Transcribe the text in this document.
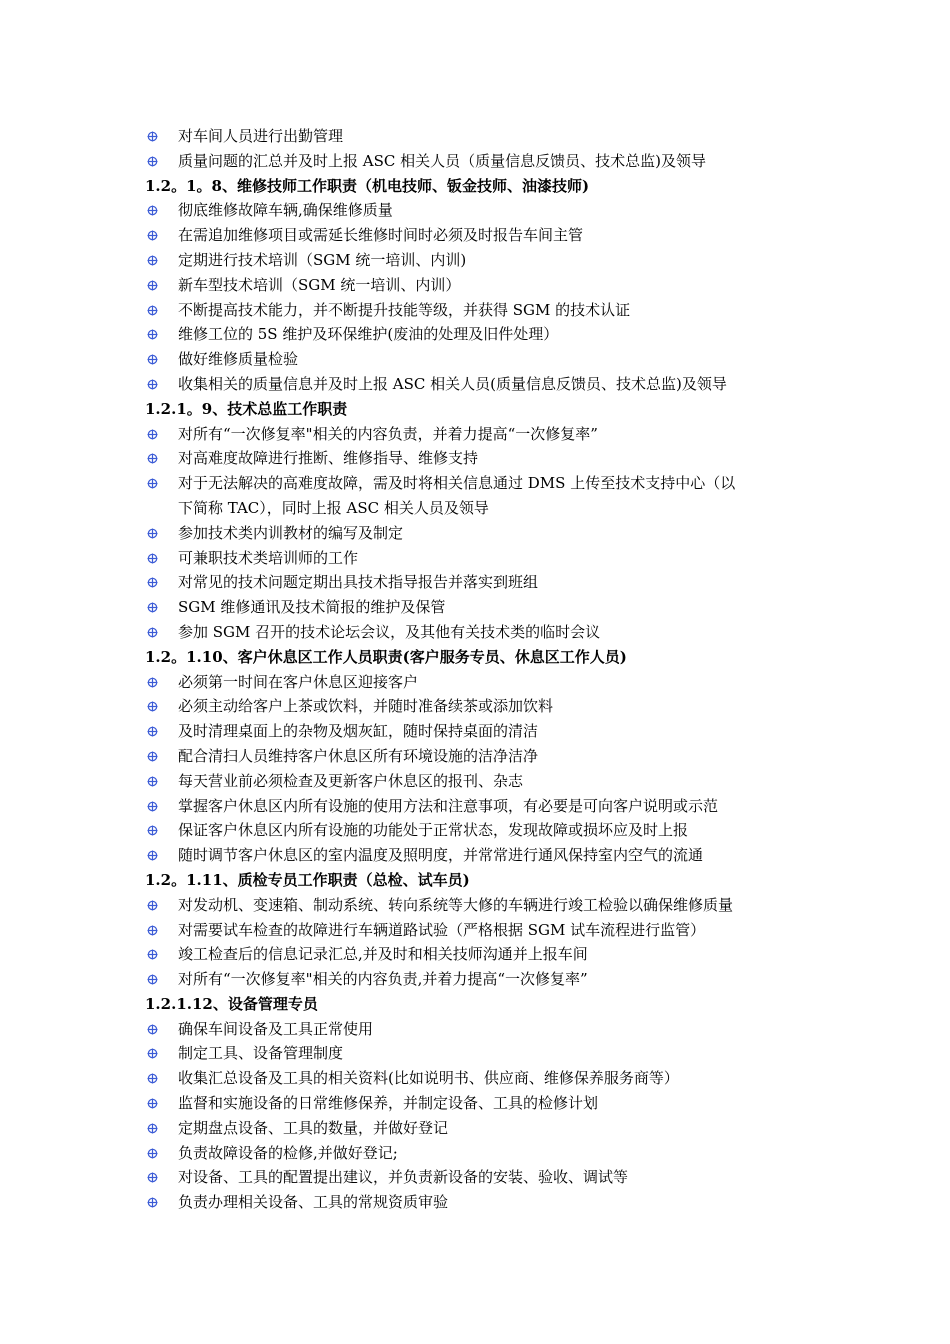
对车间人员进行出勤管理
质量问题的汇总并及时上报 ASC 相关人员（质量信息反馈员、技术总监)及领导
1.2。1。8、维修技师工作职责（机电技师、钣金技师、油漆技师)
彻底维修故障车辆,确保维修质量
在需追加维修项目或需延长维修时间时必须及时报告车间主管
定期进行技术培训（SGM 统一培训、内训)
新车型技术培训（SGM 统一培训、内训）
不断提高技术能力，并不断提升技能等级，并获得 SGM 的技术认证
维修工位的 5S 维护及环保维护(废油的处理及旧件处理）
做好维修质量检验
收集相关的质量信息并及时上报 ASC 相关人员(质量信息反馈员、技术总监)及领导
1.2.1。9、技术总监工作职责
对所有“一次修复率"相关的内容负责，并着力提高“一次修复率”
对高难度故障进行推断、维修指导、维修支持
对于无法解决的高难度故障，需及时将相关信息通过 DMS 上传至技术支持中心（以
下简称 TAC），同时上报 ASC 相关人员及领导
参加技术类内训教材的编写及制定
可兼职技术类培训师的工作
对常见的技术问题定期出具技术指导报告并落实到班组
SGM 维修通讯及技术简报的维护及保管
参加 SGM 召开的技术论坛会议，及其他有关技术类的临时会议
1.2。1.10、客户休息区工作人员职责(客户服务专员、休息区工作人员)
必须第一时间在客户休息区迎接客户
必须主动给客户上茶或饮料，并随时准备续茶或添加饮料
及时清理桌面上的杂物及烟灰缸，随时保持桌面的清洁
配合清扫人员维持客户休息区所有环境设施的洁净洁净
每天营业前必须检查及更新客户休息区的报刊、杂志
掌握客户休息区内所有设施的使用方法和注意事项，有必要是可向客户说明或示范
保证客户休息区内所有设施的功能处于正常状态，发现故障或损坏应及时上报
随时调节客户休息区的室内温度及照明度，并常常进行通风保持室内空气的流通
1.2。1.11、质检专员工作职责（总检、试车员)
对发动机、变速箱、制动系统、转向系统等大修的车辆进行竣工检验以确保维修质量
对需要试车检查的故障进行车辆道路试验（严格根据 SGM 试车流程进行监管）
竣工检查后的信息记录汇总,并及时和相关技师沟通并上报车间
对所有“一次修复率"相关的内容负责,并着力提高“一次修复率”
1.2.1.12、设备管理专员
确保车间设备及工具正常使用
制定工具、设备管理制度
收集汇总设备及工具的相关资料(比如说明书、供应商、维修保养服务商等）
监督和实施设备的日常维修保养，并制定设备、工具的检修计划
定期盘点设备、工具的数量，并做好登记
负责故障设备的检修,并做好登记;
对设备、工具的配置提出建议，并负责新设备的安装、验收、调试等
负责办理相关设备、工具的常规资质审验
